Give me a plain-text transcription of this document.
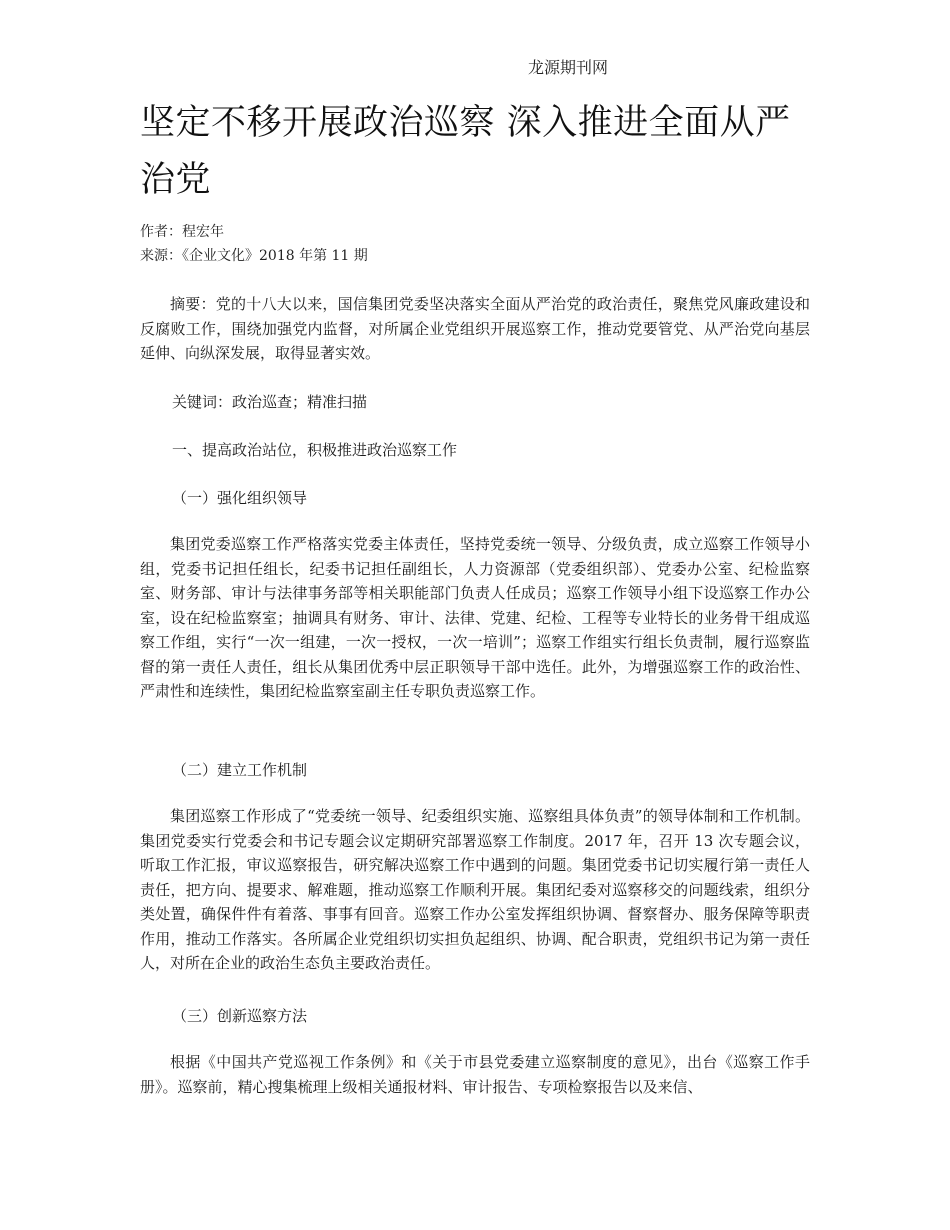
龙源期刊网
坚定不移开展政治巡察 深入推进全面从严治党
作者：程宏年
来源：《企业文化》2018 年第 11 期

摘要：党的十八大以来，国信集团党委坚决落实全面从严治党的政治责任，聚焦党风廉政建设和反腐败工作，围绕加强党内监督，对所属企业党组织开展巡察工作，推动党要管党、从严治党向基层延伸、向纵深发展，取得显著实效。

关键词：政治巡查；精准扫描

一、提高政治站位，积极推进政治巡察工作

（一）强化组织领导

集团党委巡察工作严格落实党委主体责任，坚持党委统一领导、分级负责，成立巡察工作领导小组，党委书记担任组长，纪委书记担任副组长，人力资源部（党委组织部）、党委办公室、纪检监察室、财务部、审计与法律事务部等相关职能部门负责人任成员；巡察工作领导小组下设巡察工作办公室，设在纪检监察室；抽调具有财务、审计、法律、党建、纪检、工程等专业特长的业务骨干组成巡察工作组，实行“一次一组建，一次一授权，一次一培训”；巡察工作组实行组长负责制，履行巡察监督的第一责任人责任，组长从集团优秀中层正职领导干部中选任。此外，为增强巡察工作的政治性、严肃性和连续性，集团纪检监察室副主任专职负责巡察工作。

（二）建立工作机制

集团巡察工作形成了“党委统一领导、纪委组织实施、巡察组具体负责”的领导体制和工作机制。集团党委实行党委会和书记专题会议定期研究部署巡察工作制度。2017 年，召开 13 次专题会议，听取工作汇报，审议巡察报告，研究解决巡察工作中遇到的问题。集团党委书记切实履行第一责任人责任，把方向、提要求、解难题，推动巡察工作顺利开展。集团纪委对巡察移交的问题线索，组织分类处置，确保件件有着落、事事有回音。巡察工作办公室发挥组织协调、督察督办、服务保障等职责作用，推动工作落实。各所属企业党组织切实担负起组织、协调、配合职责，党组织书记为第一责任人，对所在企业的政治生态负主要政治责任。

（三）创新巡察方法

根据《中国共产党巡视工作条例》和《关于市县党委建立巡察制度的意见》，出台《巡察工作手册》。巡察前，精心搜集梳理上级相关通报材料、审计报告、专项检察报告以及来信、
